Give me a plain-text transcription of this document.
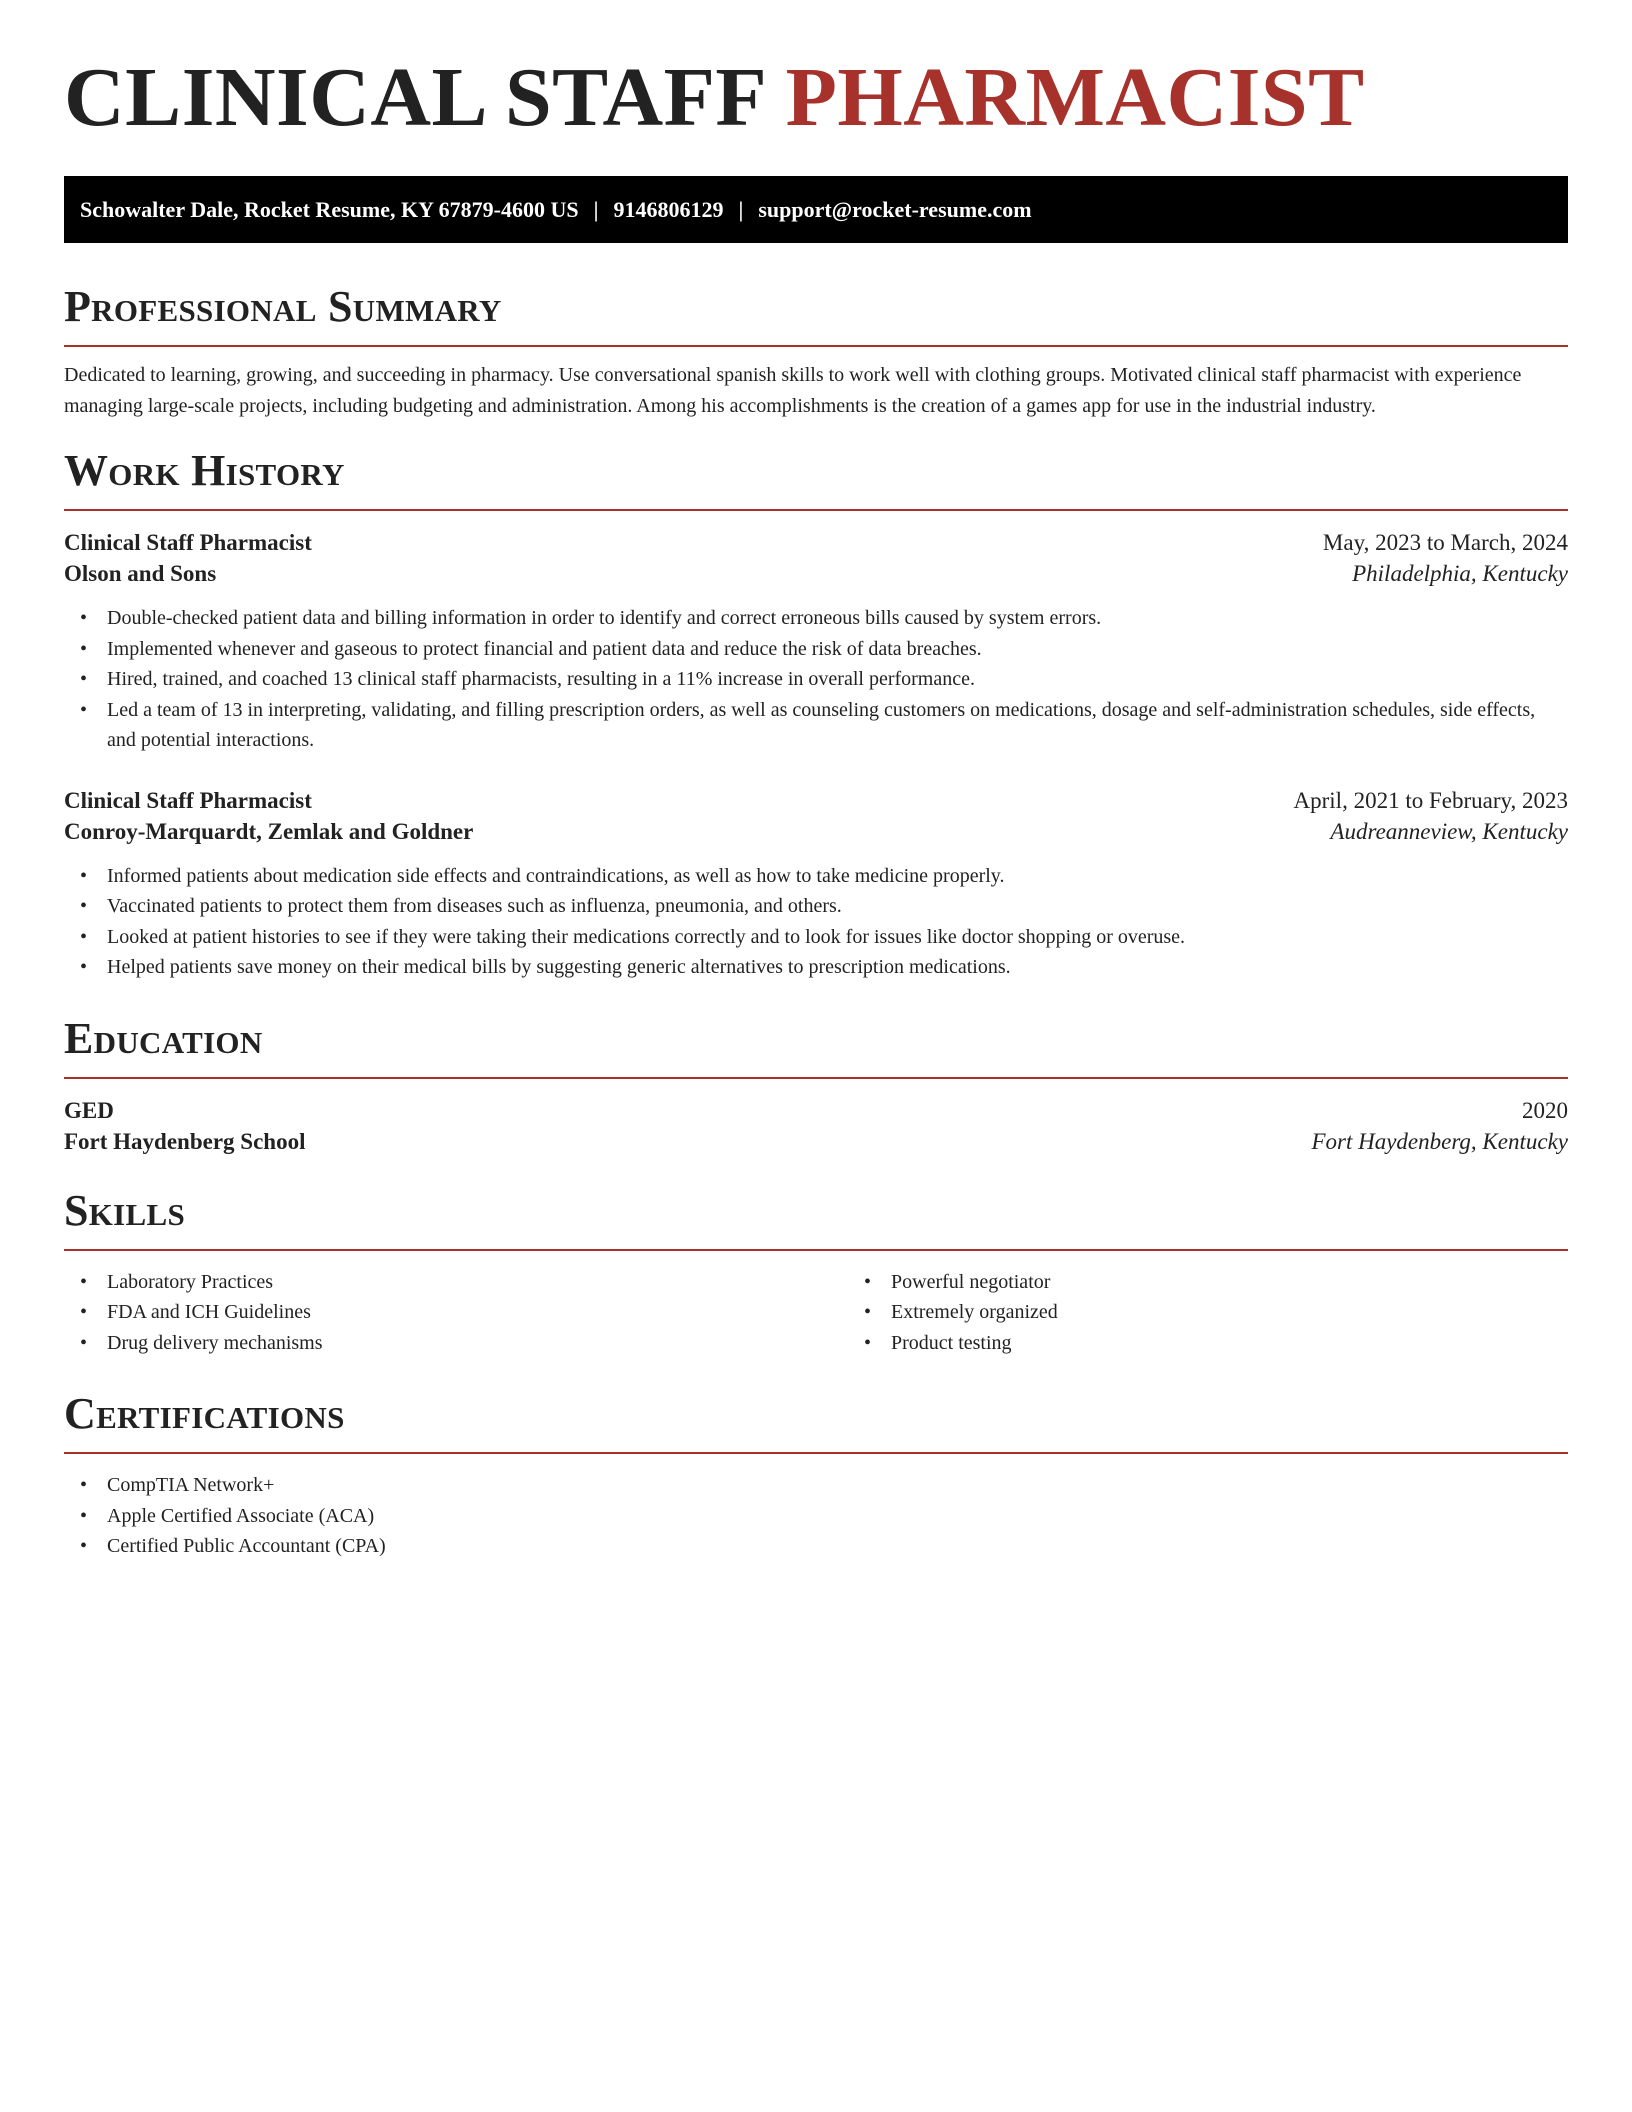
CLINICAL STAFF PHARMACIST
Schowalter Dale, Rocket Resume, KY 67879-4600 US | 9146806129 | support@rocket-resume.com
Professional Summary

Dedicated to learning, growing, and succeeding in pharmacy. Use conversational spanish skills to work well with clothing groups. Motivated clinical staff pharmacist with experience managing large-scale projects, including budgeting and administration. Among his accomplishments is the creation of a games app for use in the industrial industry.

Work History
Clinical Staff Pharmacist	May, 2023 to March, 2024
Olson and Sons	Philadelphia, Kentucky
• Double-checked patient data and billing information in order to identify and correct erroneous bills caused by system errors.
• Implemented whenever and gaseous to protect financial and patient data and reduce the risk of data breaches.
• Hired, trained, and coached 13 clinical staff pharmacists, resulting in a 11% increase in overall performance.
• Led a team of 13 in interpreting, validating, and filling prescription orders, as well as counseling customers on medications, dosage and self-administration schedules, side effects, and potential interactions.
Clinical Staff Pharmacist	April, 2021 to February, 2023
Conroy-Marquardt, Zemlak and Goldner	Audreanneview, Kentucky
• Informed patients about medication side effects and contraindications, as well as how to take medicine properly.
• Vaccinated patients to protect them from diseases such as influenza, pneumonia, and others.
• Looked at patient histories to see if they were taking their medications correctly and to look for issues like doctor shopping or overuse.
• Helped patients save money on their medical bills by suggesting generic alternatives to prescription medications.
Education
GED	2020
Fort Haydenberg School	Fort Haydenberg, Kentucky
Skills
• Laboratory Practices
• FDA and ICH Guidelines
• Drug delivery mechanisms
• Powerful negotiator
• Extremely organized
• Product testing
Certifications
• CompTIA Network+
• Apple Certified Associate (ACA)
• Certified Public Accountant (CPA)
